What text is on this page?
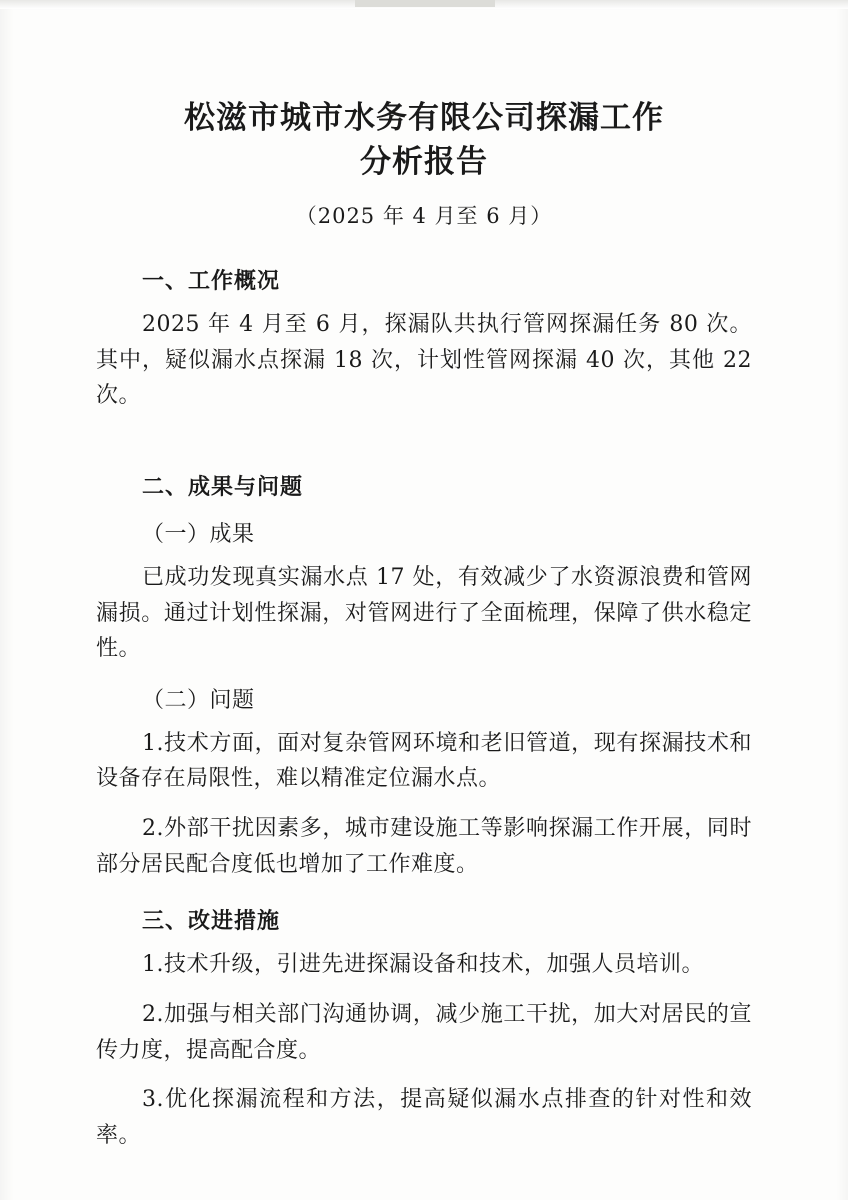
松滋市城市水务有限公司探漏工作
分析报告
（2025 年 4 月至 6 月）
一、工作概况

2025 年 4 月至 6 月，探漏队共执行管网探漏任务 80 次。其中，疑似漏水点探漏 18 次，计划性管网探漏 40 次，其他 22 次。

二、成果与问题
（一）成果

已成功发现真实漏水点 17 处，有效减少了水资源浪费和管网漏损。通过计划性探漏，对管网进行了全面梳理，保障了供水稳定性。

（二）问题

1.技术方面，面对复杂管网环境和老旧管道，现有探漏技术和设备存在局限性，难以精准定位漏水点。

2.外部干扰因素多，城市建设施工等影响探漏工作开展，同时部分居民配合度低也增加了工作难度。

三、改进措施

1.技术升级，引进先进探漏设备和技术，加强人员培训。

2.加强与相关部门沟通协调，减少施工干扰，加大对居民的宣传力度，提高配合度。

3.优化探漏流程和方法，提高疑似漏水点排查的针对性和效率。
